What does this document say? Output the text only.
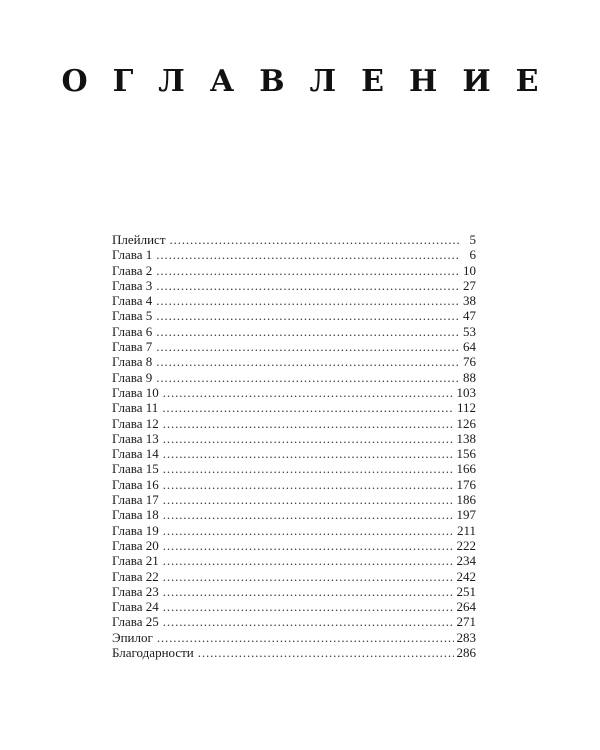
ОГЛАВЛЕНИЕ
Плейлист . . .	5
Глава 1 . . .	6
Глава 2 . . .	10
Глава 3 . . .	27
Глава 4 . . .	38
Глава 5 . . .	47
Глава 6 . . .	53
Глава 7 . . .	64
Глава 8 . . .	76
Глава 9 . . .	88
Глава 10 . . .	103
Глава 11 . . .	112
Глава 12 . . .	126
Глава 13 . . .	138
Глава 14 . . .	156
Глава 15 . . .	166
Глава 16 . . .	176
Глава 17 . . .	186
Глава 18 . . .	197
Глава 19 . . .	211
Глава 20 . . .	222
Глава 21 . . .	234
Глава 22 . . .	242
Глава 23 . . .	251
Глава 24 . . .	264
Глава 25 . . .	271
Эпилог . . .	283
Благодарности . . .	286
